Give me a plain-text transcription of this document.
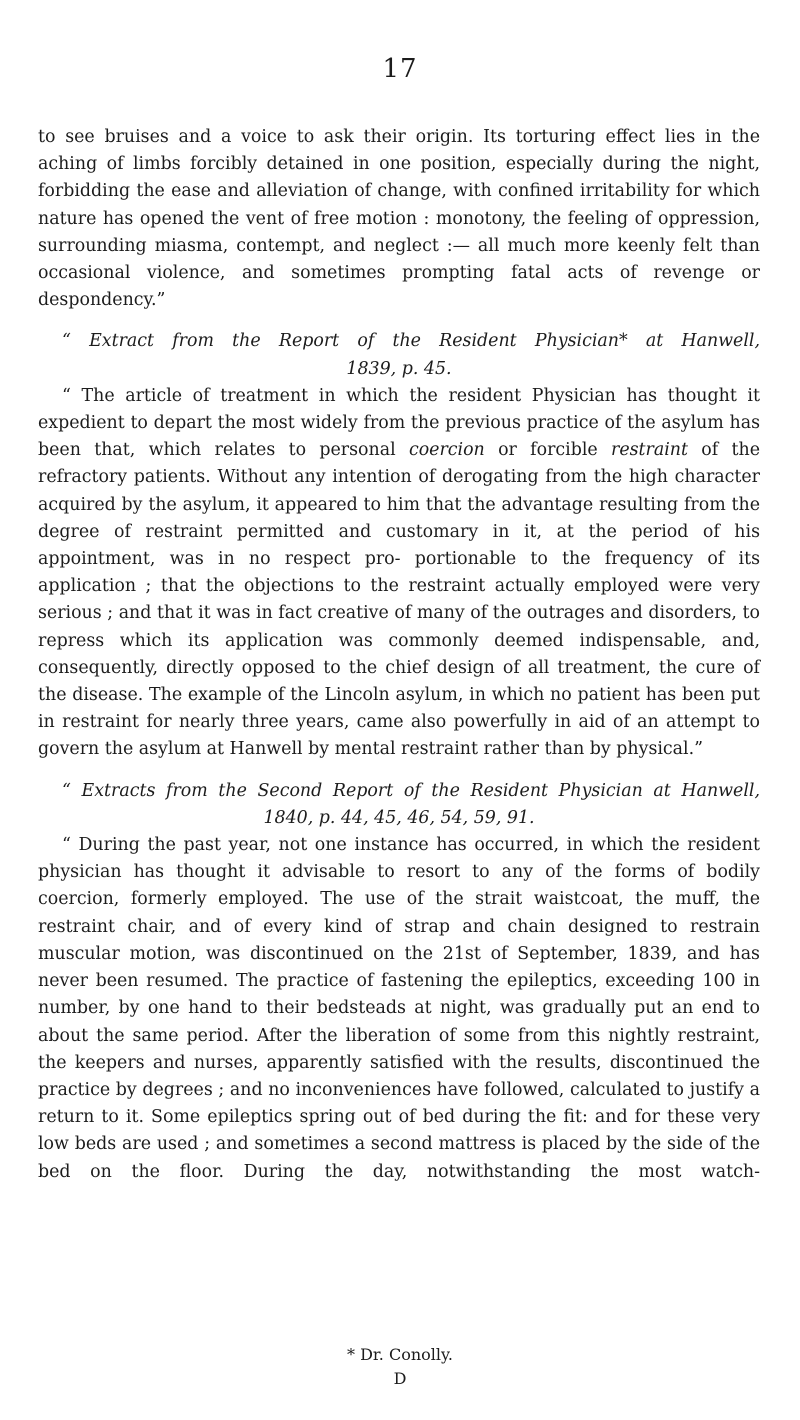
17

to see bruises and a voice to ask their origin. Its torturing effect lies in the aching of limbs forcibly detained in one position, especially during the night, forbidding the ease and alleviation of change, with confined irritability for which nature has opened the vent of free motion : monotony, the feeling of oppression, surrounding miasma, contempt, and neglect :— all much more keenly felt than occasional violence, and sometimes prompting fatal acts of revenge or despondency.”

“ Extract from the Report of the Resident Physician* at Hanwell,
1839, p. 45.

“ The article of treatment in which the resident Physician has thought it expedient to depart the most widely from the previous practice of the asylum has been that, which relates to personal coercion or forcible restraint of the refractory patients. Without any intention of derogating from the high character acquired by the asylum, it appeared to him that the advantage resulting from the degree of restraint permitted and customary in it, at the period of his appointment, was in no respect pro- portionable to the frequency of its application ; that the objections to the restraint actually employed were very serious ; and that it was in fact creative of many of the outrages and disorders, to repress which its application was commonly deemed indispensable, and, consequently, directly opposed to the chief design of all treatment, the cure of the disease. The example of the Lincoln asylum, in which no patient has been put in restraint for nearly three years, came also powerfully in aid of an attempt to govern the asylum at Hanwell by mental restraint rather than by physical.”

“ Extracts from the Second Report of the Resident Physician at Hanwell,
1840, p. 44, 45, 46, 54, 59, 91.

“ During the past year, not one instance has occurred, in which the resident physician has thought it advisable to resort to any of the forms of bodily coercion, formerly employed. The use of the strait waistcoat, the muff, the restraint chair, and of every kind of strap and chain designed to restrain muscular motion, was discontinued on the 21st of September, 1839, and has never been resumed. The practice of fastening the epileptics, exceeding 100 in number, by one hand to their bedsteads at night, was gradually put an end to about the same period. After the liberation of some from this nightly restraint, the keepers and nurses, apparently satisfied with the results, discontinued the practice by degrees ; and no inconveniences have followed, calculated to justify a return to it. Some epileptics spring out of bed during the fit: and for these very low beds are used ; and sometimes a second mattress is placed by the side of the bed on the floor. During the day, notwithstanding the most watch-

* Dr. Conolly.
D
